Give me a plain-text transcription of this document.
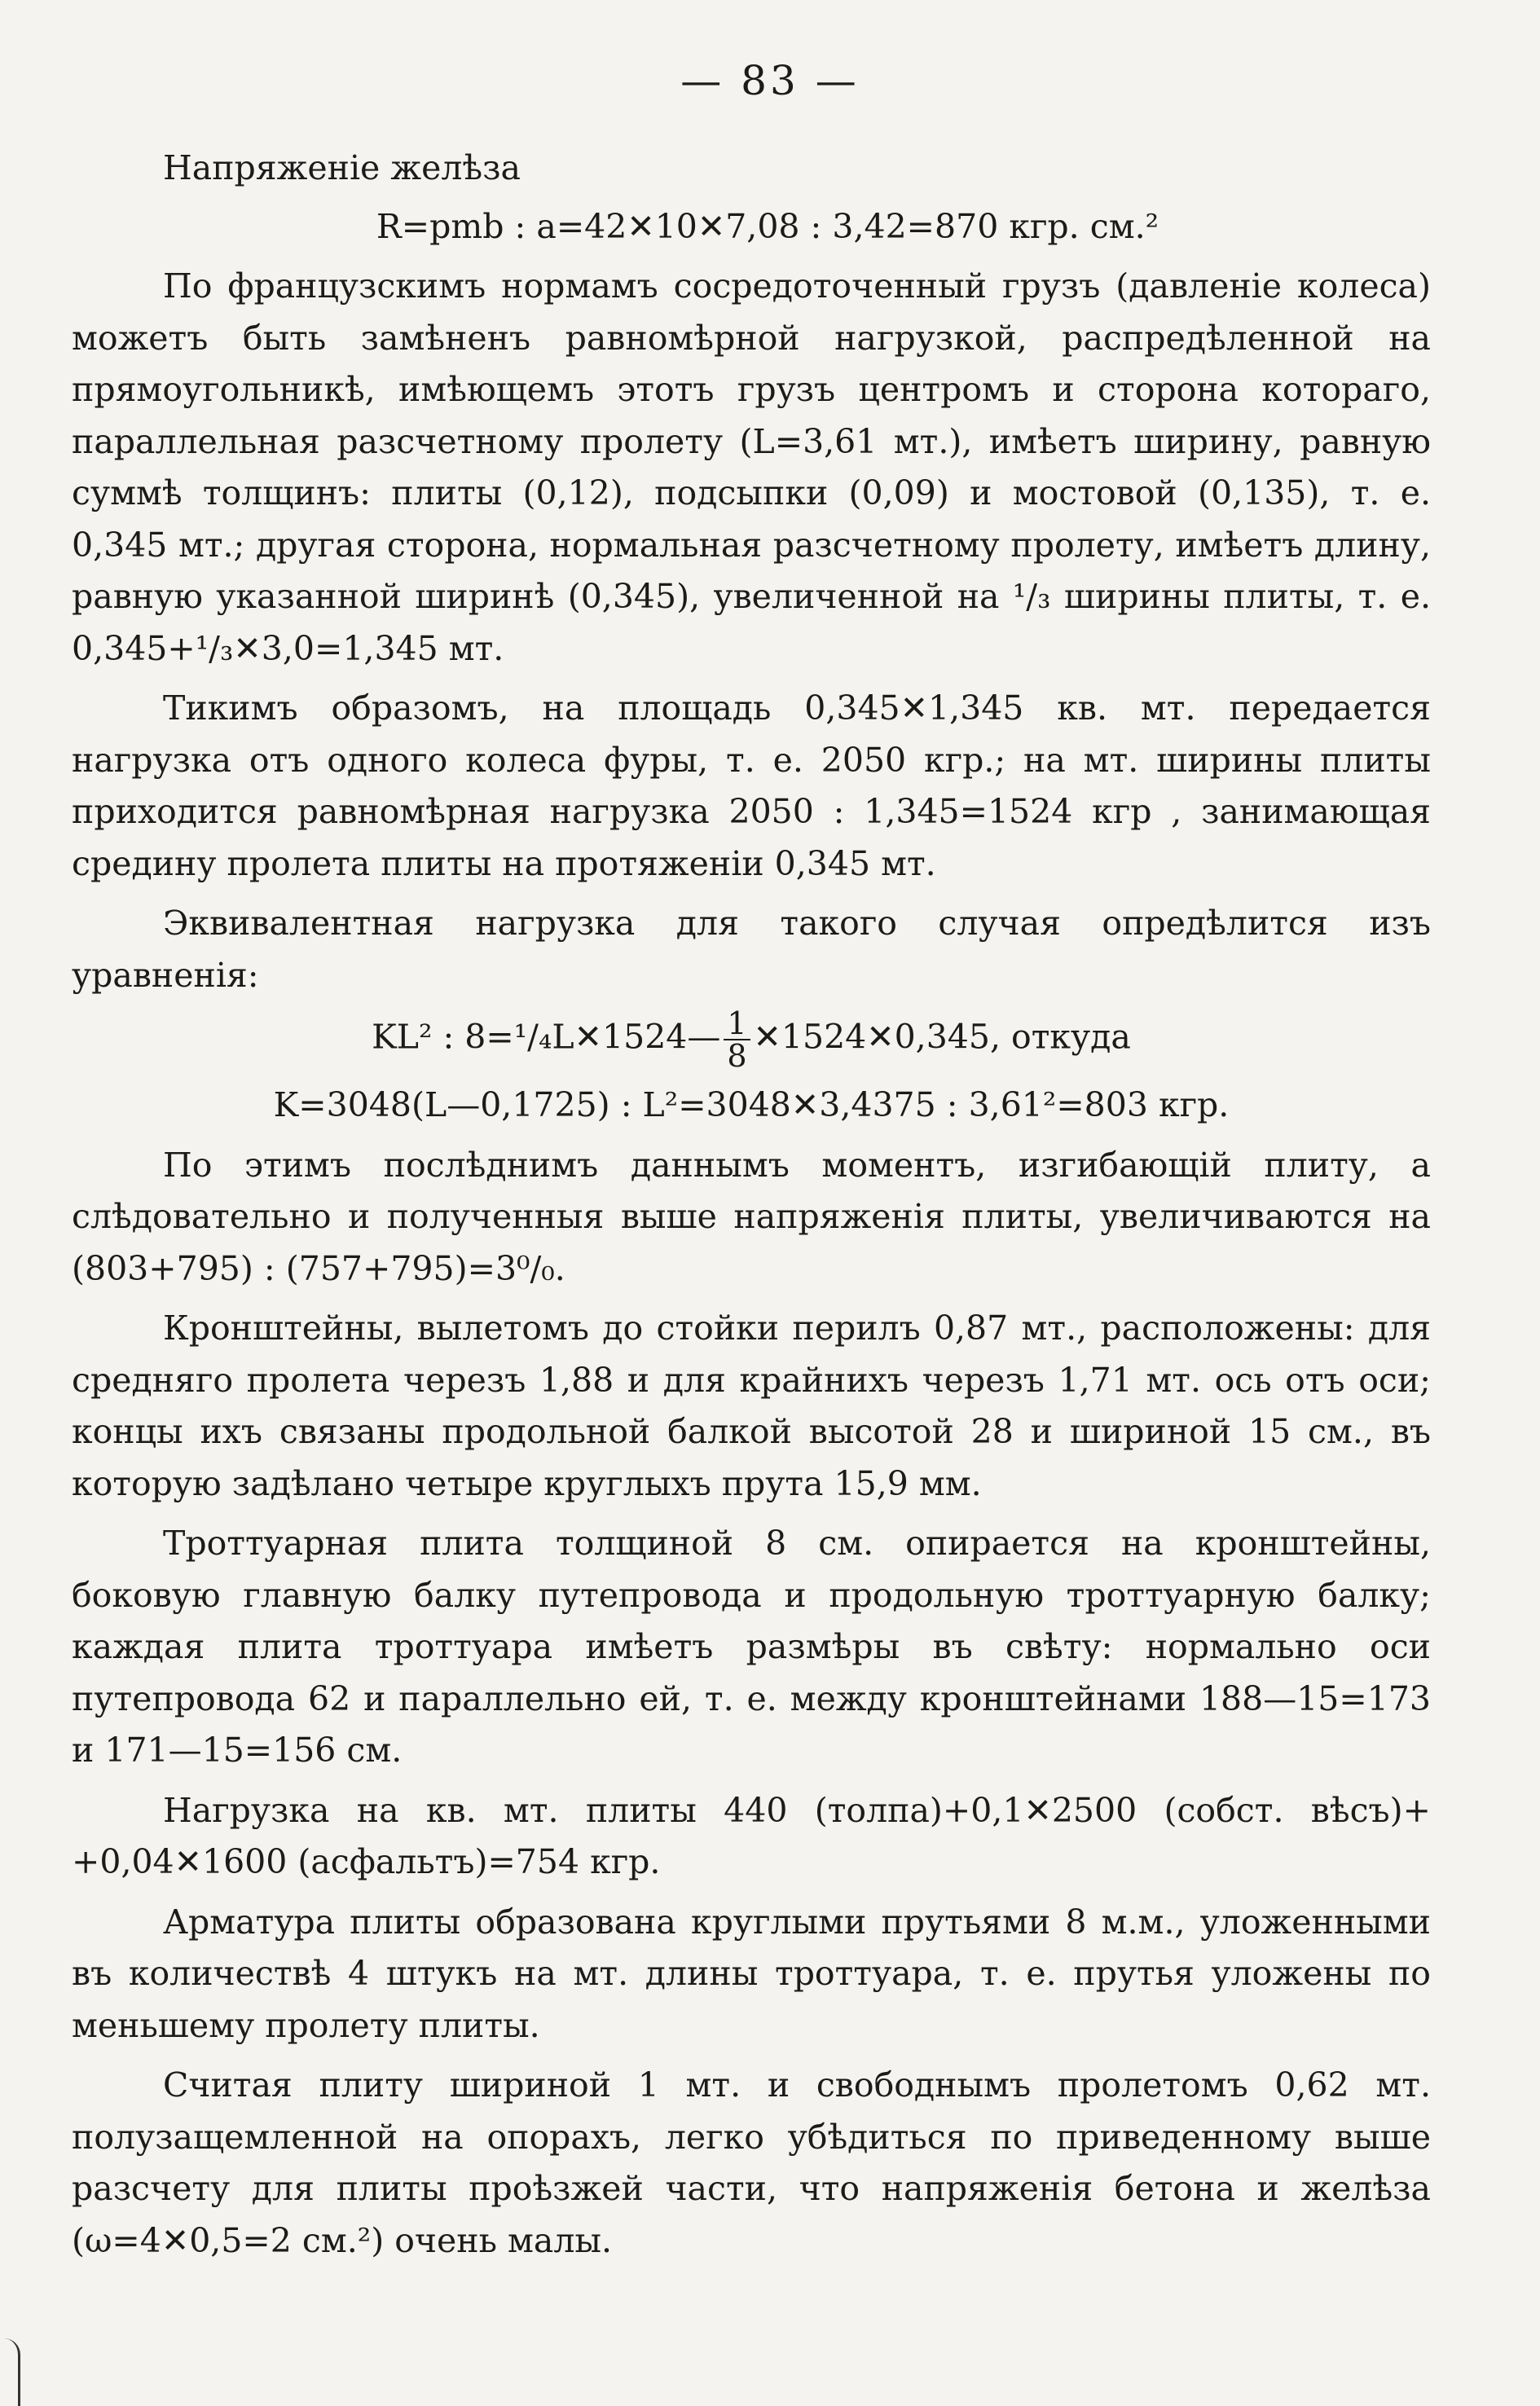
— 83 —

Напряженіе желѣза

R=pmb : a=42✕10✕7,08 : 3,42=870 кгр. см.²

По французскимъ нормамъ сосредоточенный грузъ (давленіе колеса) можетъ быть замѣненъ равномѣрной нагрузкой, распредѣленной на прямоугольникѣ, имѣющемъ этотъ грузъ центромъ и сторона котораго, параллельная разсчетному пролету (L=3,61 мт.), имѣетъ ширину, равную суммѣ толщинъ: плиты (0,12), подсыпки (0,09) и мостовой (0,135), т. е. 0,345 мт.; другая сторона, нормальная разсчетному пролету, имѣетъ длину, равную указанной ширинѣ (0,345), увеличенной на ¹/₃ ширины плиты, т. е. 0,345+¹/₃✕3,0=1,345 мт.

Тикимъ образомъ, на площадь 0,345✕1,345 кв. мт. передается нагрузка отъ одного колеса фуры, т. е. 2050 кгр.; на мт. ширины плиты приходится равномѣрная нагрузка 2050 : 1,345=1524 кгр , занимающая средину пролета плиты на протяженіи 0,345 мт.

Эквивалентная нагрузка для такого случая опредѣлится изъ уравненія:

KL² : 8=¹/₄L✕1524— $\frac{1}{8}$ ✕1524✕0,345, откуда
K=3048(L—0,1725) : L²=3048✕3,4375 : 3,61²=803 кгр.

По этимъ послѣднимъ даннымъ моментъ, изгибающій плиту, а слѣдовательно и полученныя выше напряженія плиты, увеличиваются на (803+795) : (757+795)=3⁰/₀.

Кронштейны, вылетомъ до стойки перилъ 0,87 мт., расположены: для средняго пролета черезъ 1,88 и для крайнихъ черезъ 1,71 мт. ось отъ оси; концы ихъ связаны продольной балкой высотой 28 и шириной 15 см., въ которую задѣлано четыре круглыхъ прута 15,9 мм.

Троттуарная плита толщиной 8 см. опирается на кронштейны, боковую главную балку путепровода и продольную троттуарную балку; каждая плита троттуара имѣетъ размѣры въ свѣту: нормально оси путепровода 62 и параллельно ей, т. е. между кронштейнами 188—15=173 и 171—15=156 см.

Нагрузка на кв. мт. плиты 440 (толпа)+0,1✕2500 (собст. вѣсъ)+ +0,04✕1600 (асфальтъ)=754 кгр.

Арматура плиты образована круглыми прутьями 8 м.м., уложенными въ количествѣ 4 штукъ на мт. длины троттуара, т. е. прутья уложены по меньшему пролету плиты.

Считая плиту шириной 1 мт. и свободнымъ пролетомъ 0,62 мт. полузащемленной на опорахъ, легко убѣдиться по приведенному выше разсчету для плиты проѣзжей части, что напряженія бетона и желѣза (ω=4✕0,5=2 см.²) очень малы.
